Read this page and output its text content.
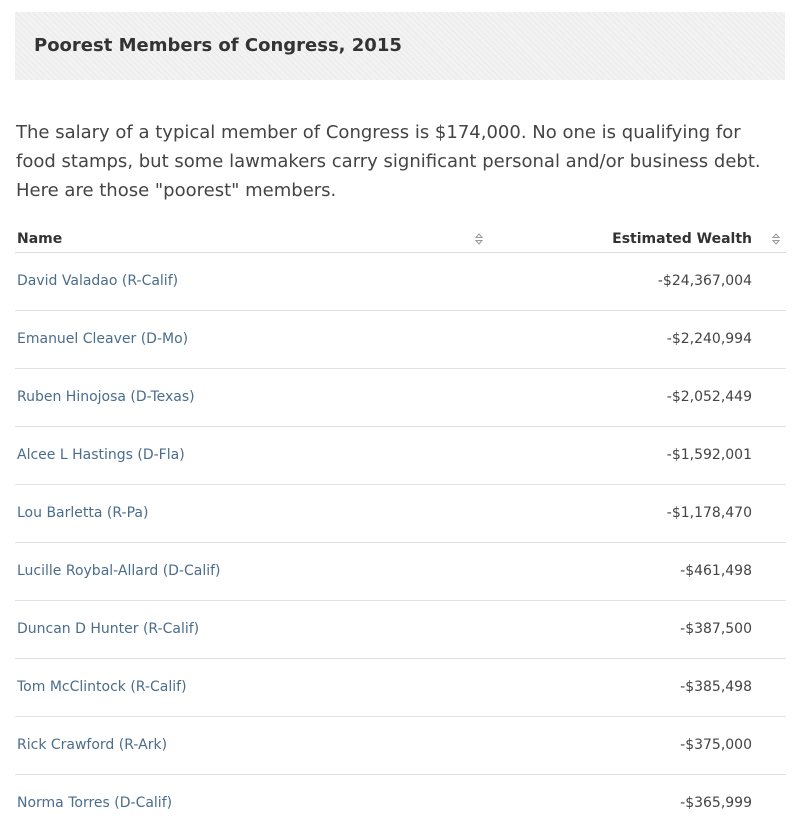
Poorest Members of Congress, 2015

The salary of a typical member of Congress is $174,000. No one is qualifying for food stamps, but some lawmakers carry significant personal and/or business debt. Here are those "poorest" members.

Name	Estimated Wealth
David Valadao (R-Calif)	-$24,367,004
Emanuel Cleaver (D-Mo)	-$2,240,994
Ruben Hinojosa (D-Texas)	-$2,052,449
Alcee L Hastings (D-Fla)	-$1,592,001
Lou Barletta (R-Pa)	-$1,178,470
Lucille Roybal-Allard (D-Calif)	-$461,498
Duncan D Hunter (R-Calif)	-$387,500
Tom McClintock (R-Calif)	-$385,498
Rick Crawford (R-Ark)	-$375,000
Norma Torres (D-Calif)	-$365,999
